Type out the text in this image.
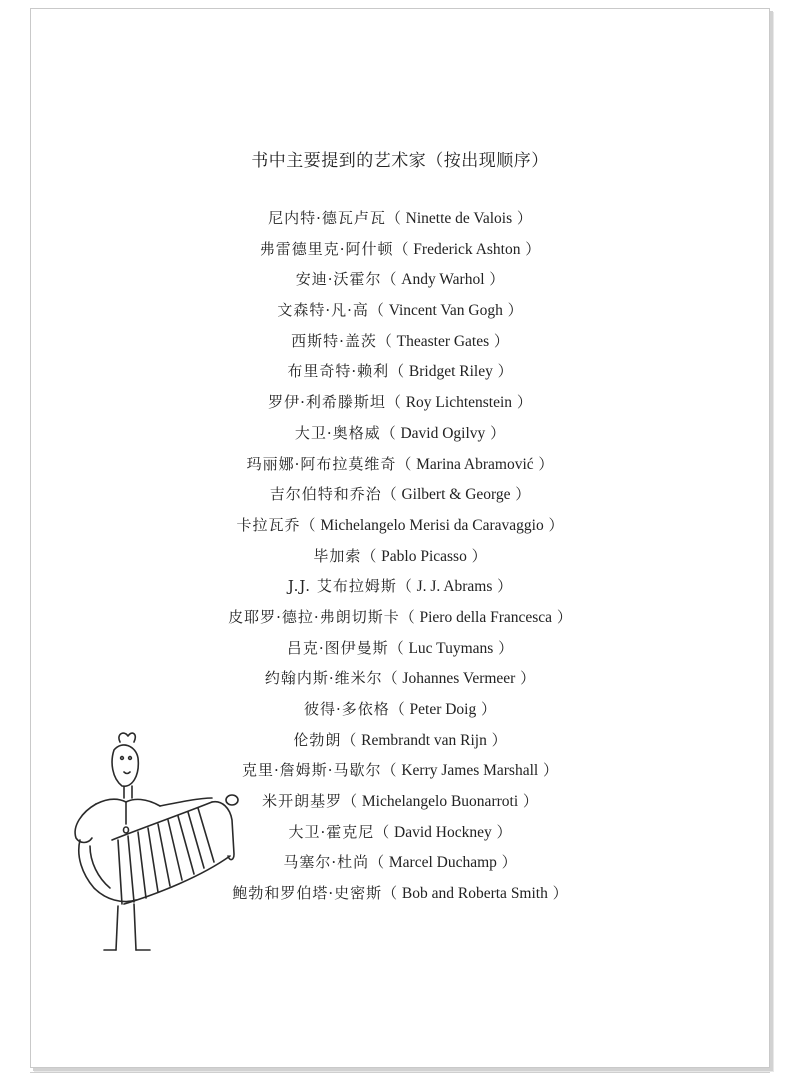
书中主要提到的艺术家（按出现顺序）
尼内特·德瓦卢瓦（ Ninette de Valois ）
弗雷德里克·阿什顿（ Frederick Ashton ）
安迪·沃霍尔（ Andy Warhol ）
文森特·凡·高（ Vincent Van Gogh ）
西斯特·盖茨（ Theaster Gates ）
布里奇特·赖利（ Bridget Riley ）
罗伊·利希滕斯坦（ Roy Lichtenstein ）
大卫·奥格威（ David Ogilvy ）
玛丽娜·阿布拉莫维奇（ Marina Abramović ）
吉尔伯特和乔治（ Gilbert & George ）
卡拉瓦乔（ Michelangelo Merisi da Caravaggio ）
毕加索（ Pablo Picasso ）
J.J. 艾布拉姆斯（ J. J. Abrams ）
皮耶罗·德拉·弗朗切斯卡（ Piero della Francesca ）
吕克·图伊曼斯（ Luc Tuymans ）
约翰内斯·维米尔（ Johannes Vermeer ）
彼得·多依格（ Peter Doig ）
伦勃朗（ Rembrandt van Rijn ）
克里·詹姆斯·马歇尔（ Kerry James Marshall ）
米开朗基罗（ Michelangelo Buonarroti ）
大卫·霍克尼（ David Hockney ）
马塞尔·杜尚（ Marcel Duchamp ）
鲍勃和罗伯塔·史密斯（ Bob and Roberta Smith ）
